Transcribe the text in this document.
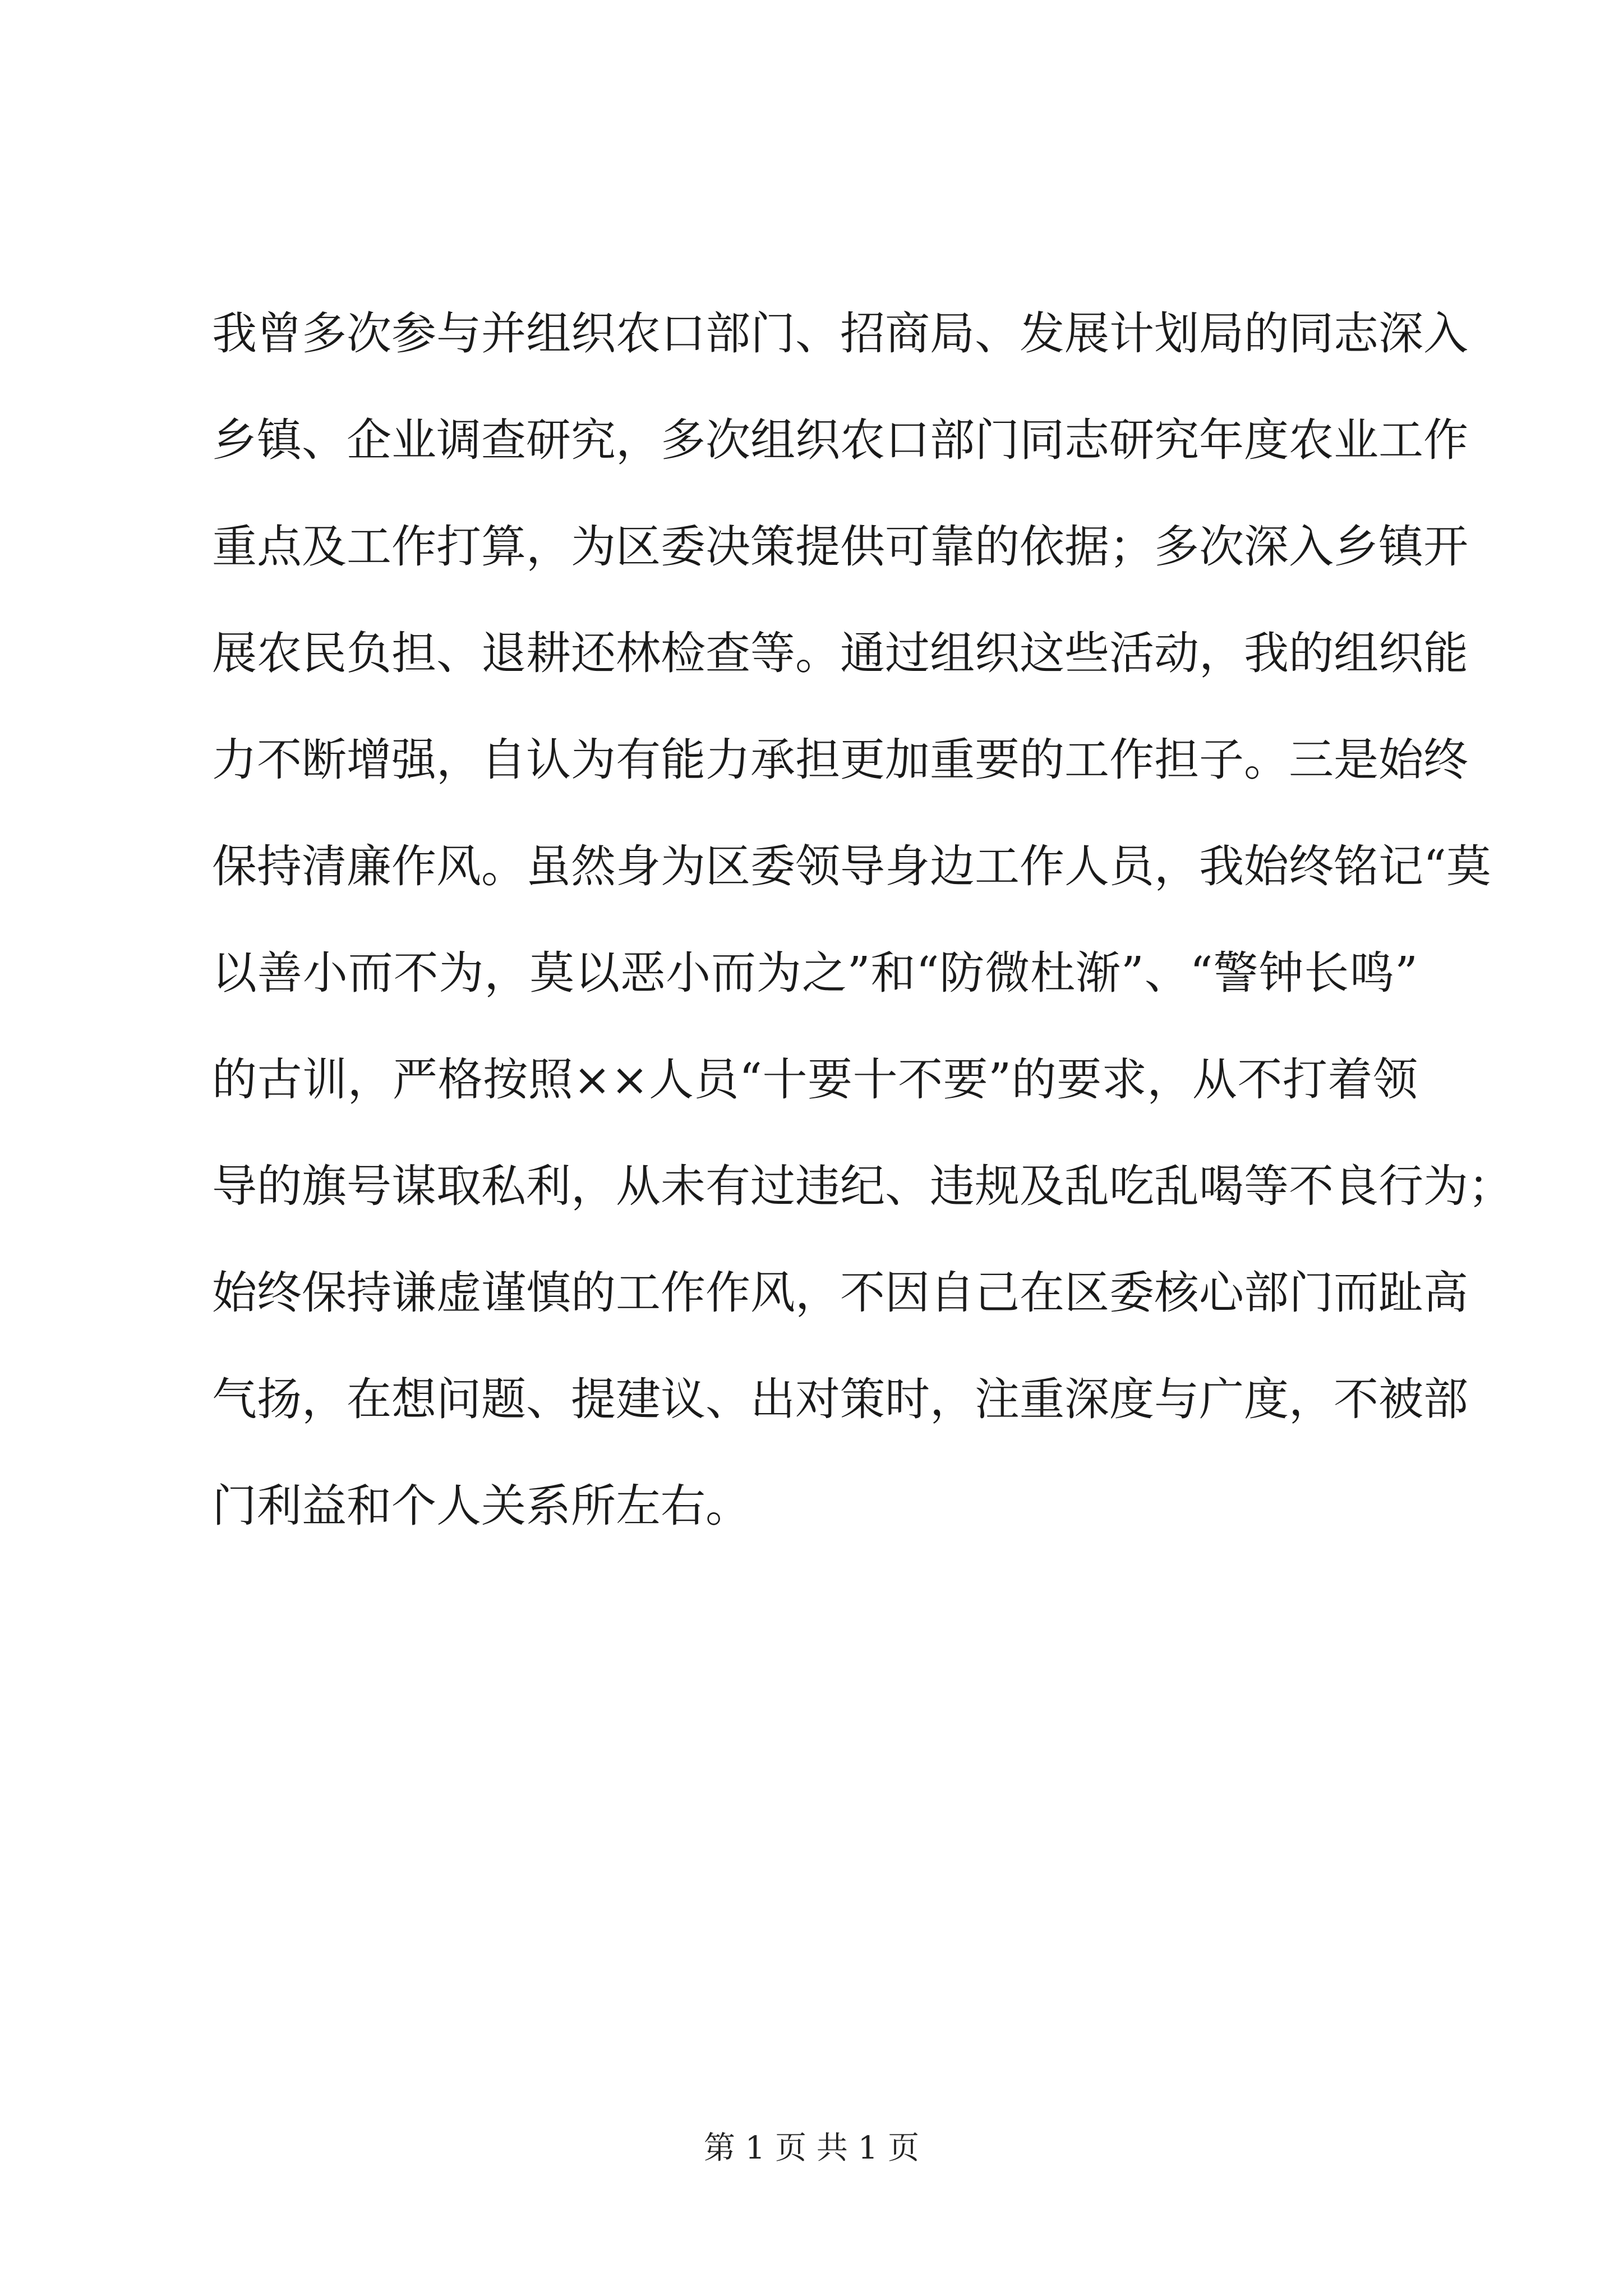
我曾多次参与并组织农口部门、招商局、发展计划局的同志深入
乡镇、企业调查研究，多次组织农口部门同志研究年度农业工作
重点及工作打算，为区委决策提供可靠的依据；多次深入乡镇开
展农民负担、退耕还林检查等。通过组织这些活动，我的组织能
力不断增强，自认为有能力承担更加重要的工作担子。三是始终
保持清廉作风。虽然身为区委领导身边工作人员，我始终铭记“莫
以善小而不为，莫以恶小而为之”和“防微杜渐”、“警钟长鸣”
的古训，严格按照××人员“十要十不要”的要求，从不打着领
导的旗号谋取私利，从未有过违纪、违规及乱吃乱喝等不良行为；
始终保持谦虚谨慎的工作作风，不因自己在区委核心部门而趾高
气扬，在想问题、提建议、出对策时，注重深度与广度，不被部
门利益和个人关系所左右。
第 1 页 共 1 页
